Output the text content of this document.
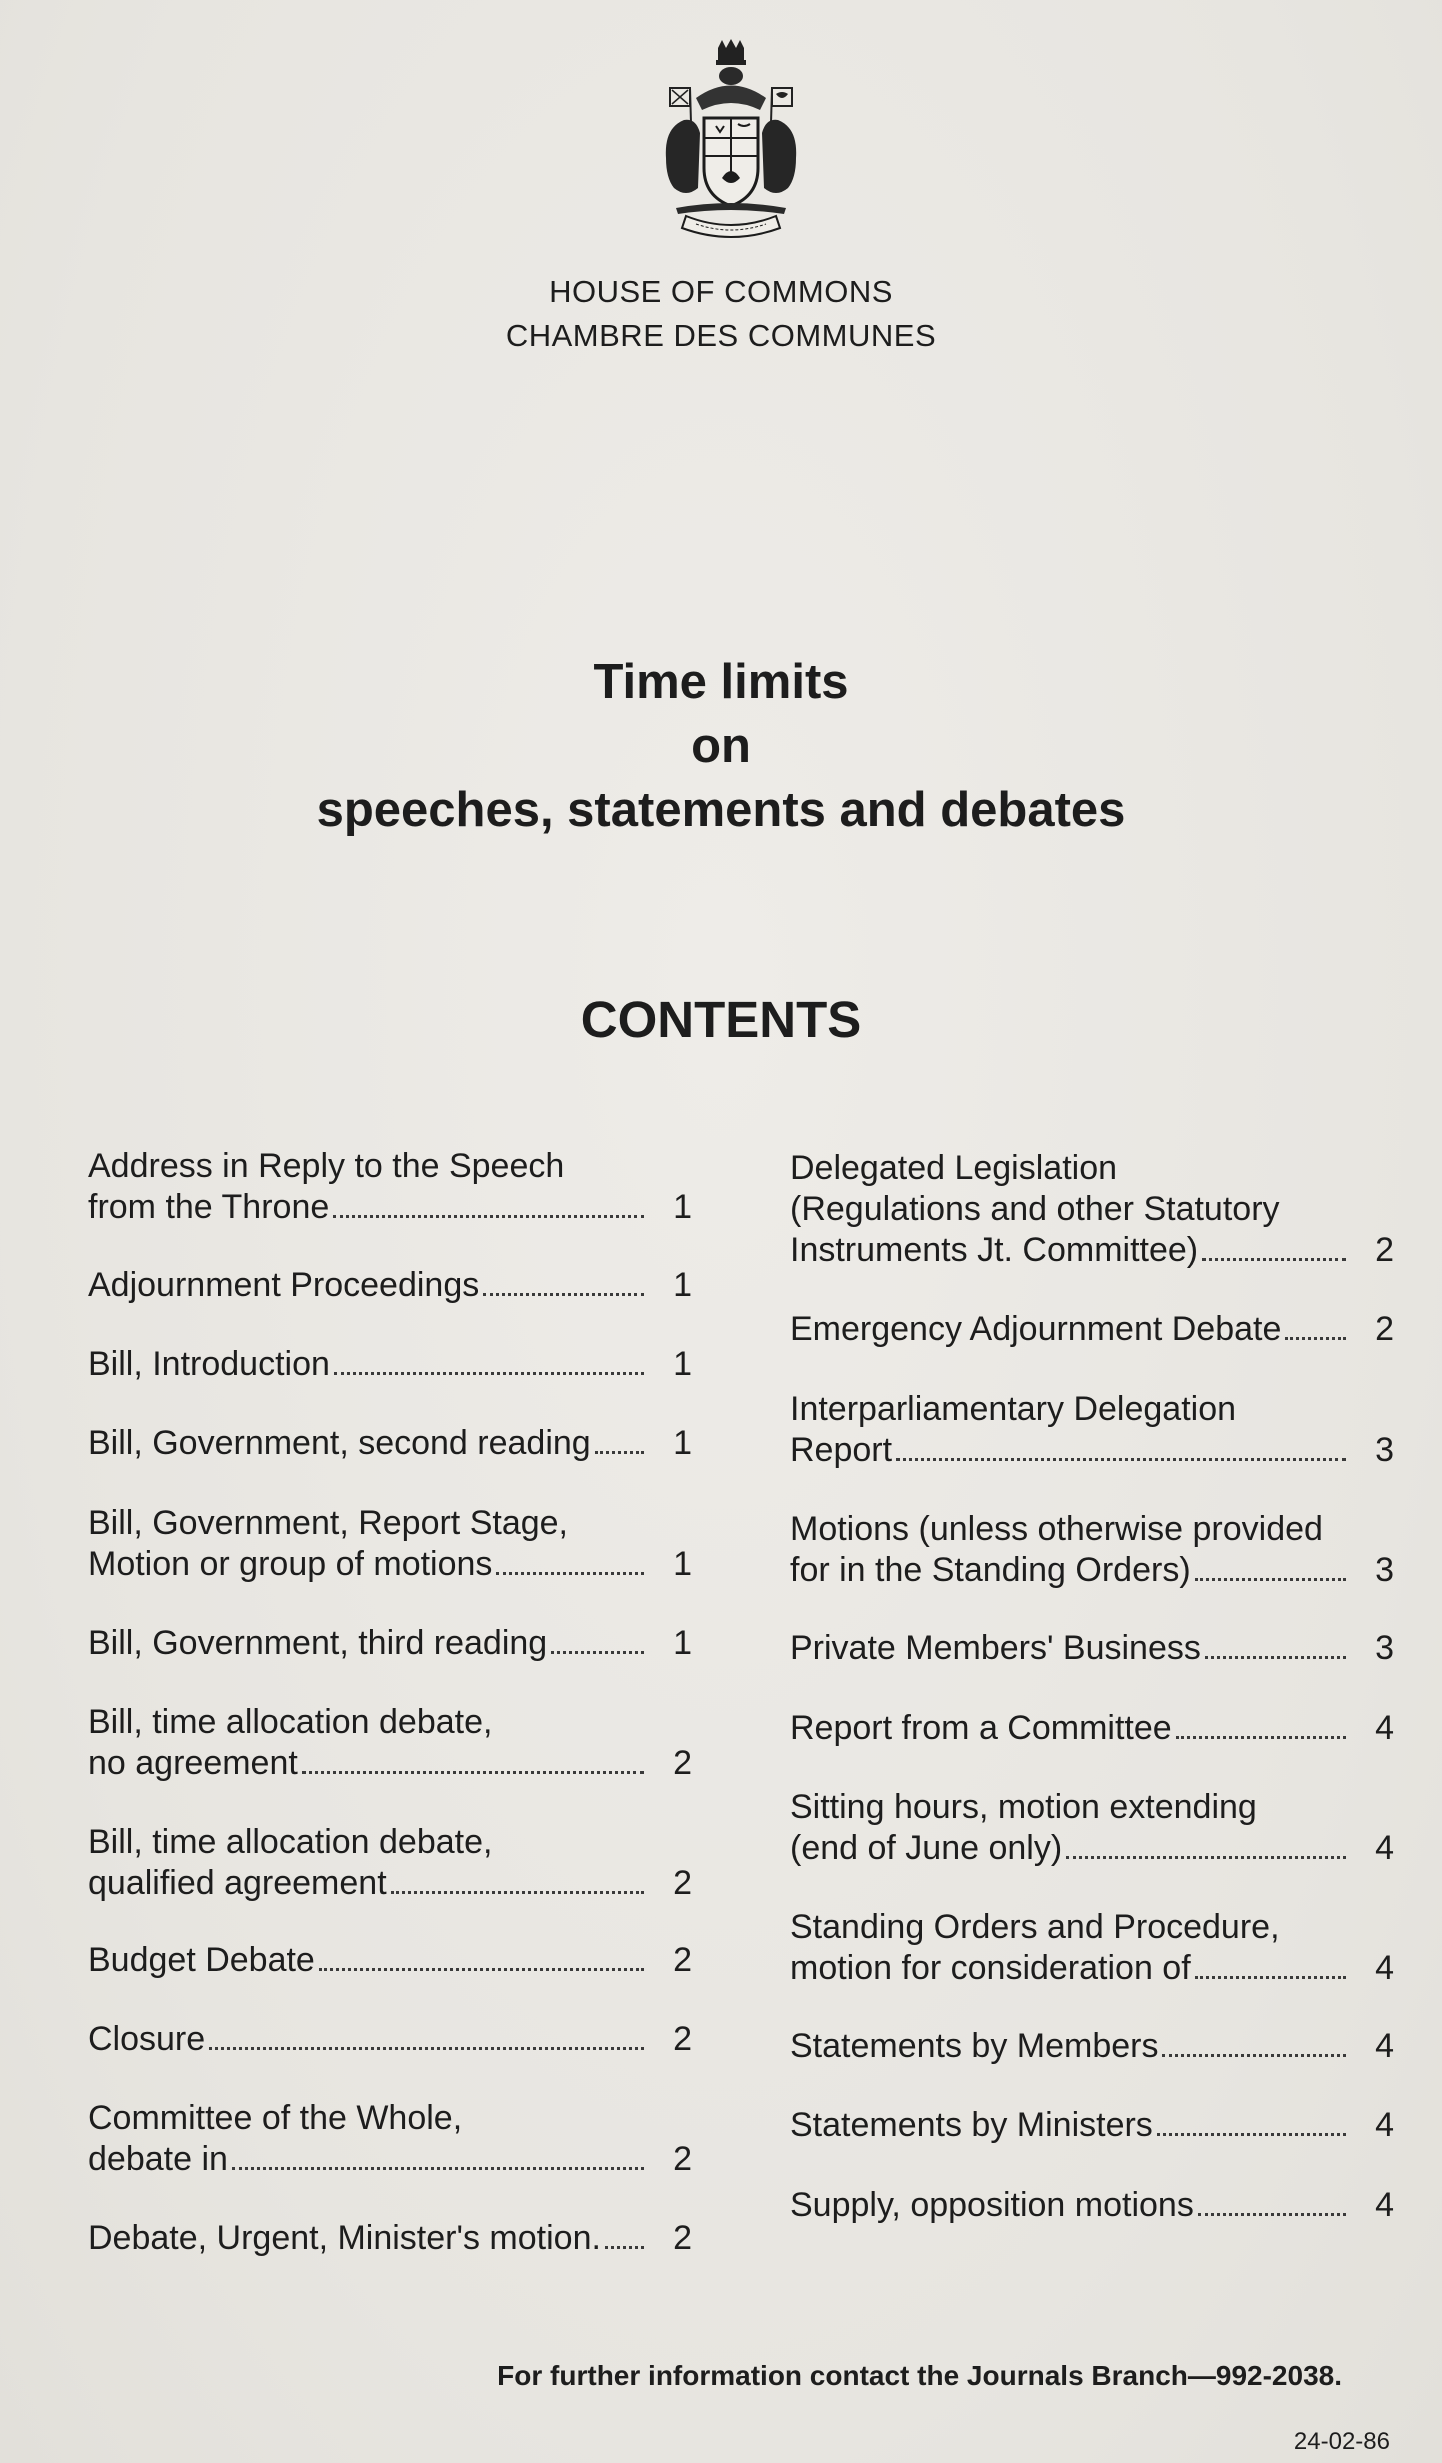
HOUSE OF COMMONS
CHAMBRE DES COMMUNES
Time limits
on
speeches, statements and debates
CONTENTS
Address in Reply to the Speech
from the Throne	1
Adjournment Proceedings	1
Bill, Introduction	1
Bill, Government, second reading	1
Bill, Government, Report Stage,
Motion or group of motions	1
Bill, Government, third reading	1
Bill, time allocation debate,
no agreement	2
Bill, time allocation debate,
qualified agreement	2
Budget Debate	2
Closure	2
Committee of the Whole,
debate in	2
Debate, Urgent, Minister's motion.	2
Delegated Legislation
(Regulations and other Statutory
Instruments Jt. Committee)	2
Emergency Adjournment Debate	2
Interparliamentary Delegation
Report	3
Motions (unless otherwise provided
for in the Standing Orders)	3
Private Members' Business	3
Report from a Committee	4
Sitting hours, motion extending
(end of June only)	4
Standing Orders and Procedure,
motion for consideration of	4
Statements by Members	4
Statements by Ministers	4
Supply, opposition motions	4
For further information contact the Journals Branch—992-2038.
24-02-86
